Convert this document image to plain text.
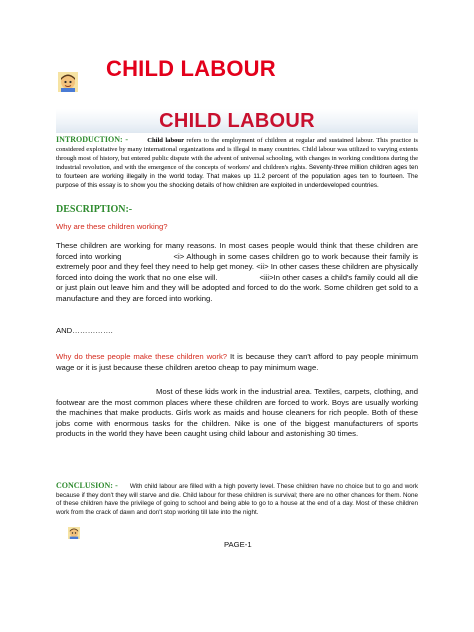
CHILD LABOUR
CHILD LABOUR
INTRODUCTION: -	Child labour refers to the employment of children at regular and sustained labour. This practice is considered exploitative by many international organizations and is illegal in many countries. Child labour was utilized to varying extents through most of history, but entered public dispute with the advent of universal schooling, with changes in working conditions during the industrial revolution, and with the emergence of the concepts of workers' and children's rights. Seventy-three million children ages ten to fourteen are working illegally in the world today. That makes up 11.2 percent of the population ages ten to fourteen. The purpose of this essay is to show you the shocking details of how children are exploited in underdeveloped countries.
DESCRIPTION:-
Why are these children working?
These children are working for many reasons. In most cases people would think that these children are forced into working                    <i> Although in some cases children go to work because their family is extremely poor and they feel they need to help get money. <ii> In other cases these children are physically forced into doing the work that no one else will.                  <iii>In other cases a child's family could all die or just plain out leave him and they will be adopted and forced to do the work. Some children get sold to a manufacture and they are forced into working.
AND…………….
Why do these people make these children work? It is because they can't afford to pay people minimum wage or it is just because these children aretoo cheap to pay minimum wage.
Most of these kids work in the industrial area. Textiles, carpets, clothing, and footwear are the most common places where these children are forced to work. Boys are usually working the machines that make products. Girls work as maids and house cleaners for rich people. Both of these jobs come with enormous tasks for the children. Nike is one of the biggest manufacturers of sports products in the world they have been caught using child labour and astonishing 30 times.
CONCLUSION: -      With child labour are filled with a high poverty level. These children have no choice but to go and work because if they don't they will starve and die. Child labour for these children is survival; there are no other chances for them. None of these children have the privilege of going to school and being able to go to a house at the end of a day. Most of these children work from the crack of dawn and don't stop working till late into the night.
PAGE-1
